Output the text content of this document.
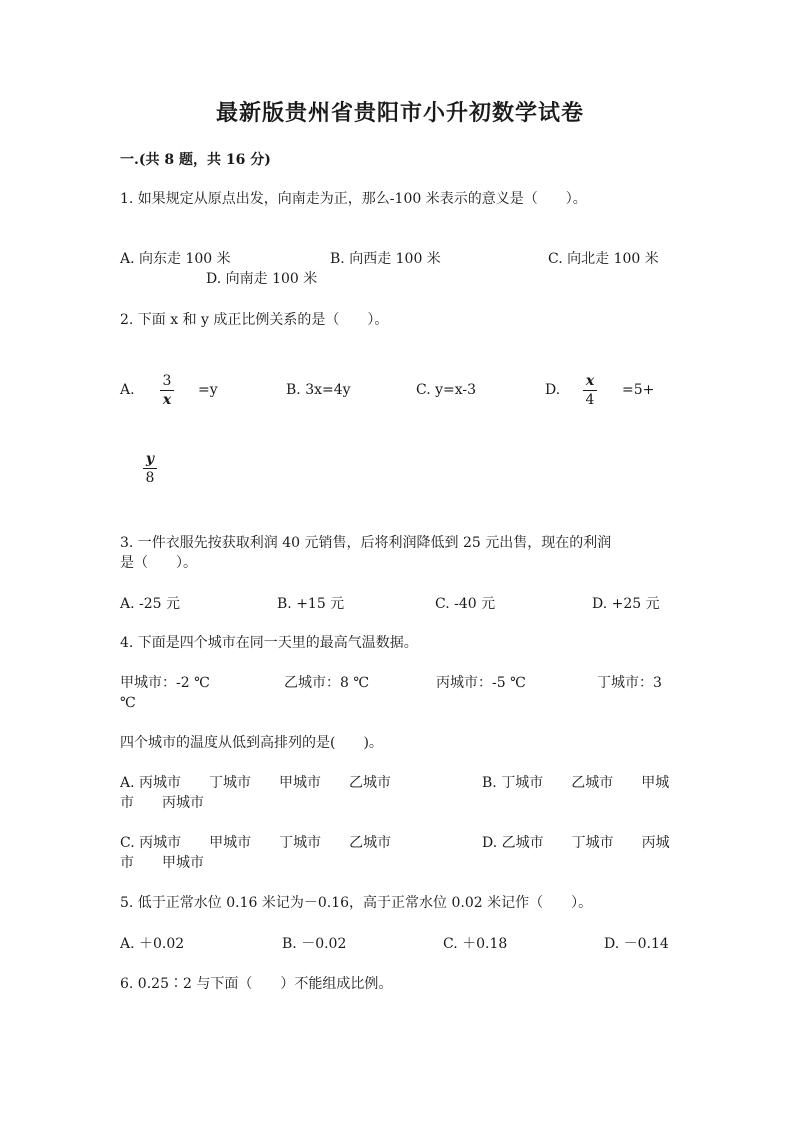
最新版贵州省贵阳市小升初数学试卷
一.(共 8 题，共 16 分)
1. 如果规定从原点出发，向南走为正，那么-100 米表示的意义是（　　）。
A. 向东走 100 米	B. 向西走 100 米	C. 向北走 100 米
D. 向南走 100 米
2. 下面 x 和 y 成正比例关系的是（　　）。
A.
3
x
=y	B. 3x=4y	C. y=x-3	D.
x
4
=5+
y
8
3. 一件衣服先按获取利润 40 元销售，后将利润降低到 25 元出售，现在的利润
是（　　）。
A. -25 元	B. +15 元	C. -40 元	D. +25 元
4. 下面是四个城市在同一天里的最高气温数据。
甲城市：-2 ℃	乙城市：8 ℃	丙城市：-5 ℃	丁城市：3
℃
四个城市的温度从低到高排列的是(　　)。
A. 丙城市　　丁城市　　甲城市　　乙城市	B. 丁城市　　乙城市　　甲城
市　　丙城市
C. 丙城市　　甲城市　　丁城市　　乙城市	D. 乙城市　　丁城市　　丙城
市　　甲城市
5. 低于正常水位 0.16 米记为－0.16，高于正常水位 0.02 米记作（　　）。
A. ＋0.02	B. －0.02	C. ＋0.18	D. －0.14
6. 0.25∶2 与下面（　　）不能组成比例。
